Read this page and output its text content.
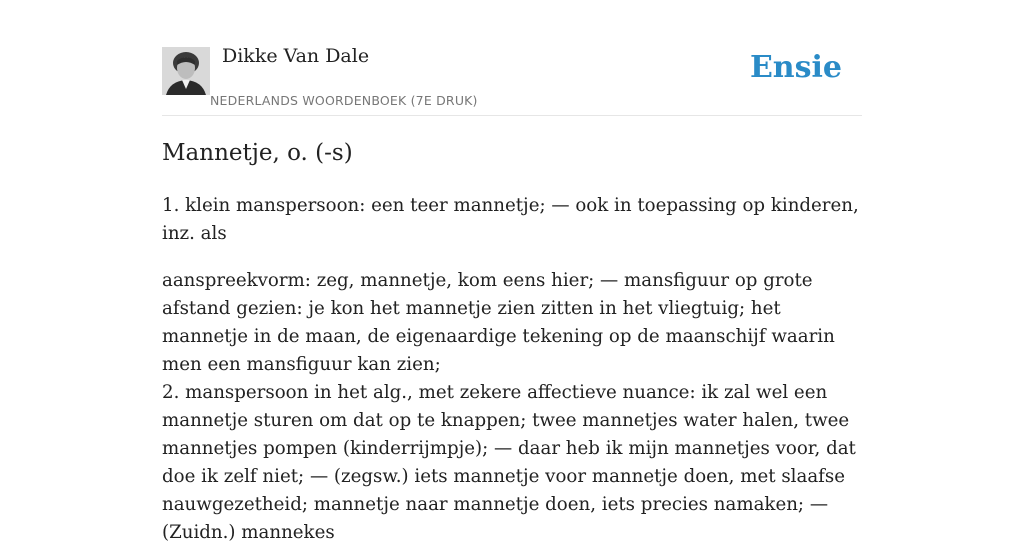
Dikke Van Dale
NEDERLANDS WOORDENBOEK (7E DRUK)
Ensie
Mannetje, o. (-s)

1. klein manspersoon: een teer mannetje; — ook in toepassing op kinderen, inz. als

aanspreekvorm: zeg, mannetje, kom eens hier; — mansfiguur op grote afstand gezien: je kon het mannetje zien zitten in het vliegtuig; het mannetje in de maan, de eigenaardige tekening op de maanschijf waarin men een mansfiguur kan zien;

2. manspersoon in het alg., met zekere affectieve nuance: ik zal wel een mannetje sturen om dat op te knappen; twee mannetjes water halen, twee mannetjes pompen (kinderrijmpje); — daar heb ik mijn mannetjes voor, dat doe ik zelf niet; — (zegsw.) iets mannetje voor mannetje doen, met slaafse nauwgezetheid; mannetje naar mannetje doen, iets precies namaken; — (Zuidn.) mannekes
